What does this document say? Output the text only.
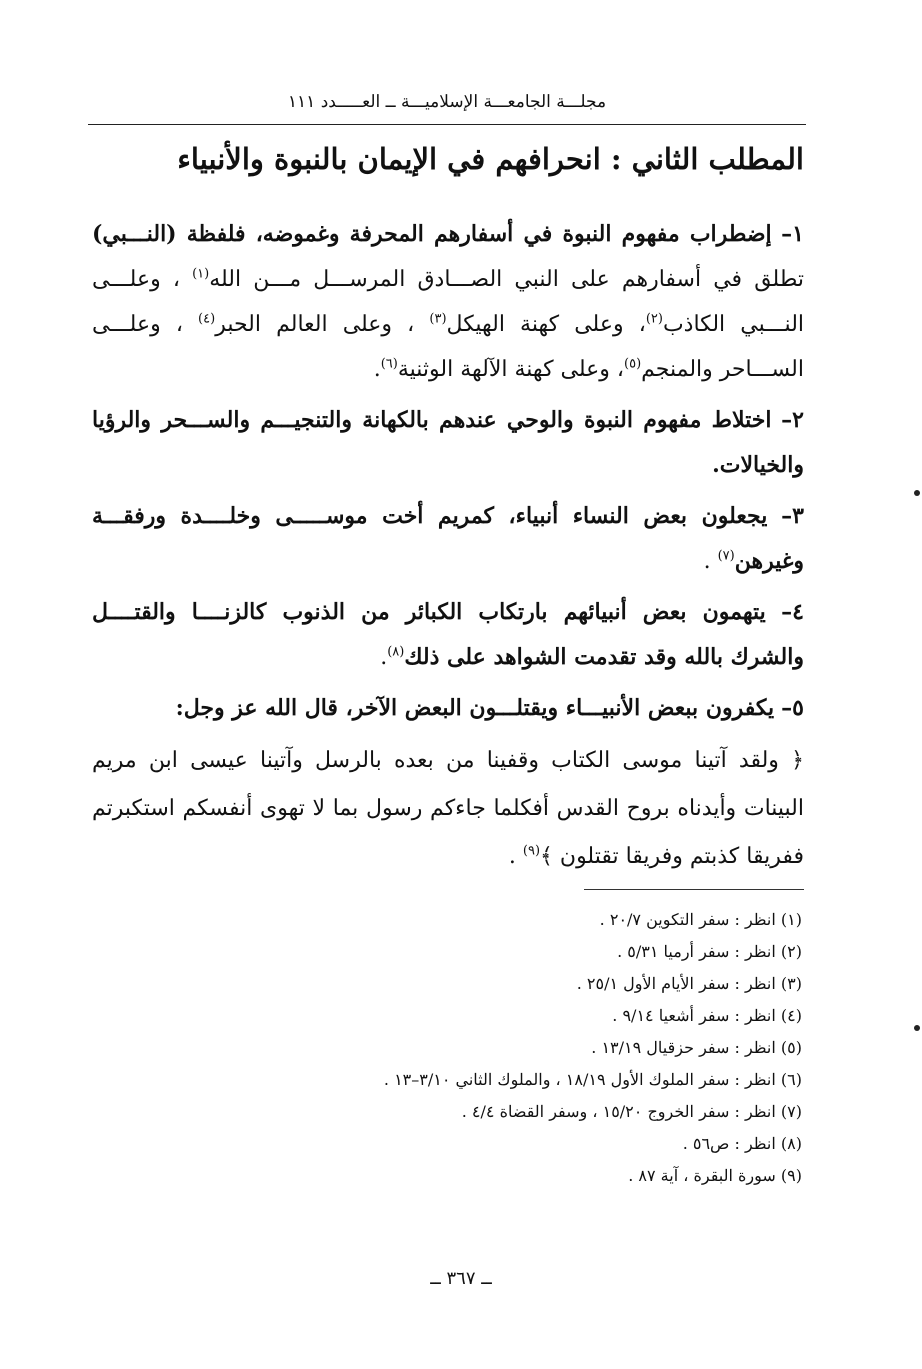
مجلـــة الجامعـــة الإسلاميـــة ــ العـــــدد ١١١
المطلب الثاني : انحرافهم في الإيمان بالنبوة والأنبياء

١– إضطراب مفهوم النبوة في أسفارهم المحرفة وغموضه، فلفظة (النـــبي) تطلق في أسفارهم على النبي الصـــادق المرســـل مـــن الله$^{(١)}$ ، وعلـــى النـــبي الكاذب$^{(٢)}$، وعلى كهنة الهيكل$^{(٣)}$ ، وعلى العالم الحبر$^{(٤)}$ ، وعلـــى الســـاحر والمنجم$^{(٥)}$، وعلى كهنة الآلهة الوثنية$^{(٦)}$.

٢– اختلاط مفهوم النبوة والوحي عندهم بالكهانة والتنجيـــم والســـحر والرؤيا والخيالات.

٣– يجعلون بعض النساء أنبياء، كمريم أخت موســـــى وخلــــدة ورفقـــة وغيرهن$^{(٧)}$ .

٤– يتهمون بعض أنبيائهم بارتكاب الكبائر من الذنوب كالزنــــا والقتــــل والشرك بالله وقد تقدمت الشواهد على ذلك$^{(٨)}$.

٥– يكفرون ببعض الأنبيـــاء ويقتلـــون البعض الآخر، قال الله عز وجل:

﴿ ولقد آتينا موسى الكتاب وقفينا من بعده بالرسل وآتينا عيسى ابن مريم البينات وأيدناه بروح القدس أفكلما جاءكم رسول بما لا تهوى أنفسكم استكبرتم ففريقا كذبتم وفريقا تقتلون ﴾$^{(٩)}$ .

(١) انظر : سفر التكوين ٢٠/٧ .
(٢) انظر : سفر أرميا ٥/٣١ .
(٣) انظر : سفر الأيام الأول ٢٥/١ .
(٤) انظر : سفر أشعيا ٩/١٤ .
(٥) انظر : سفر حزقيال ١٣/١٩ .
(٦) انظر : سفر الملوك الأول ١٨/١٩ ، والملوك الثاني ٣/١٠–١٣ .
(٧) انظر : سفر الخروج ١٥/٢٠ ، وسفر القضاة ٤/٤ .
(٨) انظر : ص٥٦ .
(٩) سورة البقرة ، آية ٨٧ .
ــ ٣٦٧ ــ
